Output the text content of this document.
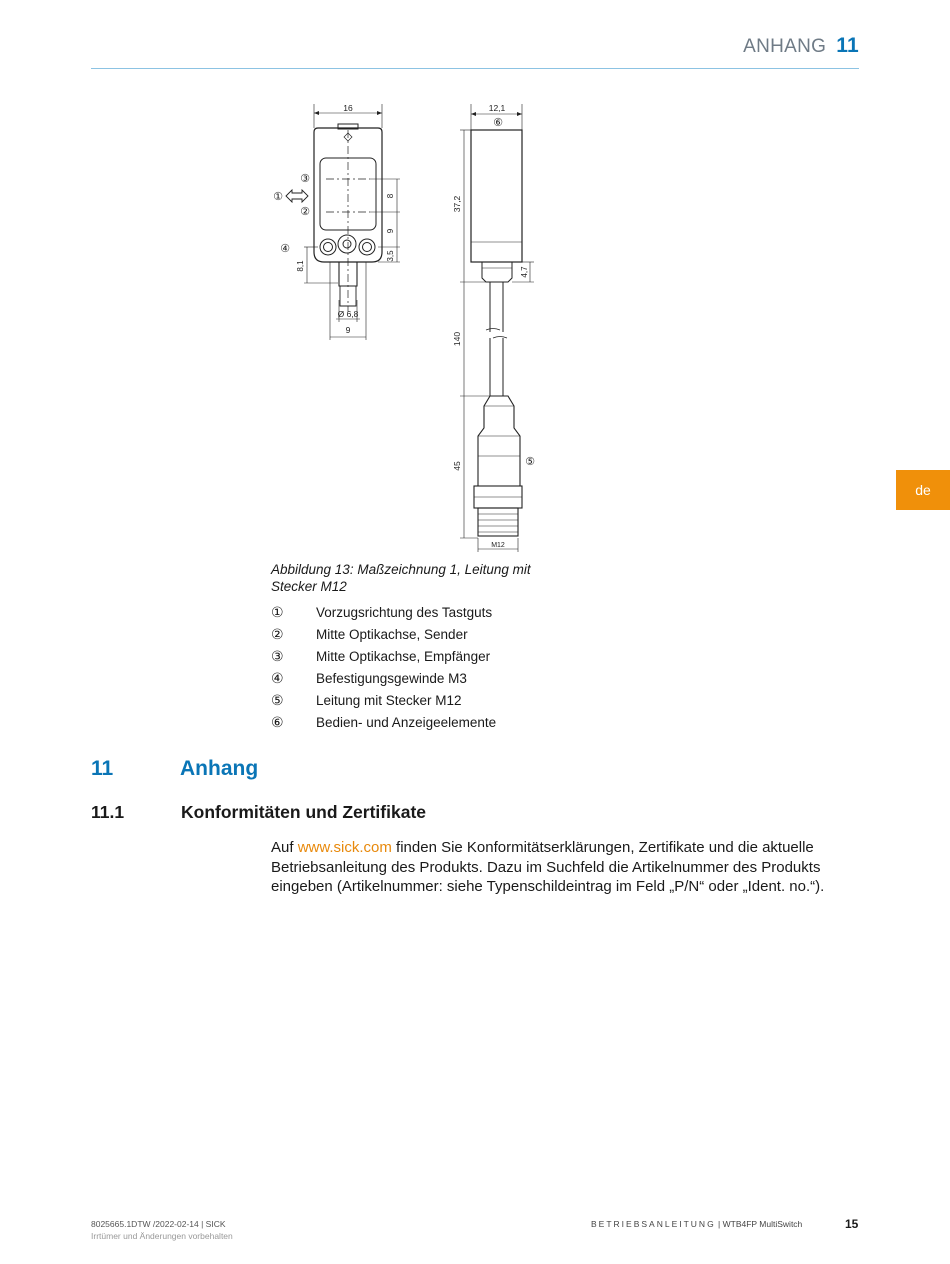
ANHANG 11
de
16
8
9
3,5
8,1
Ø 6,8
9
①
③
②
④
12,1
⑥
⑤
37,2
140
45
4,7
M12
Abbildung 13: Maßzeichnung 1, Leitung mit Stecker M12
① Vorzugsrichtung des Tastguts
② Mitte Optikachse, Sender
③ Mitte Optikachse, Empfänger
④ Befestigungsgewinde M3
⑤ Leitung mit Stecker M12
⑥ Bedien- und Anzeigeelemente
11	Anhang
11.1	Konformitäten und Zertifikate
Auf www.sick.com finden Sie Konformitätserklärungen, Zertifikate und die aktuelle Betriebsanleitung des Produkts. Dazu im Suchfeld die Artikelnummer des Produkts eingeben (Artikelnummer: siehe Typenschildeintrag im Feld „P/N“ oder „Ident. no.“).
8025665.1DTW /2022-02-14 | SICK
Irrtümer und Änderungen vorbehalten
BETRIEBSANLEITUNG | WTB4FP MultiSwitch	15
